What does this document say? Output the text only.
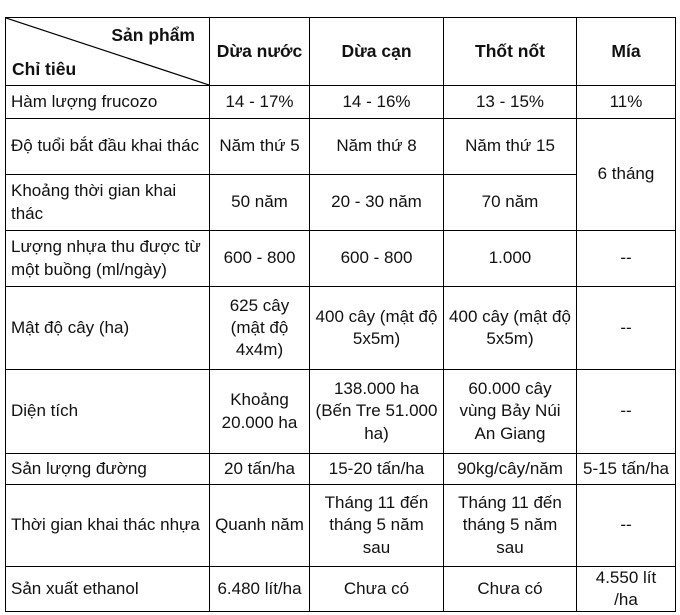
Sản phẩm
Chỉ tiêu	Dừa nước	Dừa cạn	Thốt nốt	Mía
Hàm lượng frucozo	14 - 17%	14 - 16%	13 - 15%	11%
Độ tuổi bắt đầu khai thác	Năm thứ 5	Năm thứ 8	Năm thứ 15	6 tháng
Khoảng thời gian khai thác	50 năm	20 - 30 năm	70 năm	
Lượng nhựa thu được từ một buồng (ml/ngày)	600 - 800	600 - 800	1.000	--
Mật độ cây (ha)	625 cây (mật độ 4x4m)	400 cây (mật độ 5x5m)	400 cây (mật độ 5x5m)	--
Diện tích	Khoảng 20.000 ha	138.000 ha (Bến Tre 51.000 ha)	60.000 cây vùng Bảy Núi An Giang	--
Sản lượng đường	20 tấn/ha	15-20 tấn/ha	90kg/cây/năm	5-15 tấn/ha
Thời gian khai thác nhựa	Quanh năm	Tháng 11 đến tháng 5 năm sau	Tháng 11 đến tháng 5 năm sau	--
Sản xuất ethanol	6.480 lít/ha	Chưa có	Chưa có	4.550 lít /ha
